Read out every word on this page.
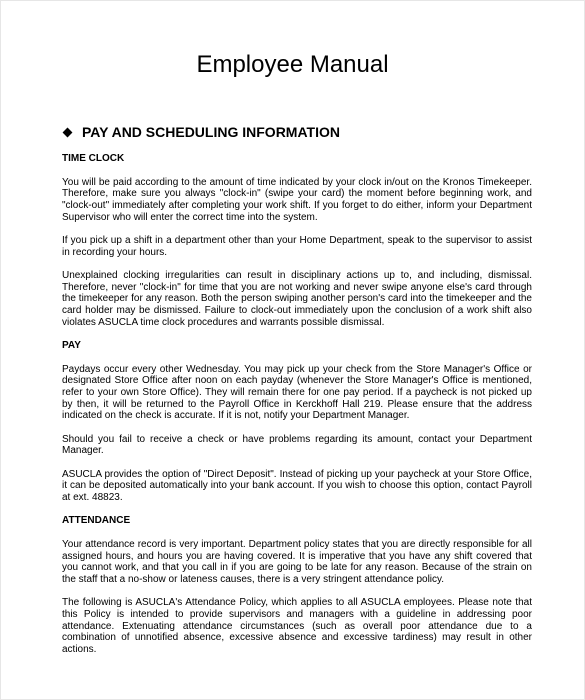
Employee Manual
PAY AND SCHEDULING INFORMATION
TIME CLOCK

You will be paid according to the amount of time indicated by your clock in/out on the Kronos Timekeeper. Therefore, make sure you always "clock-in" (swipe your card) the moment before beginning work, and "clock-out" immediately after completing your work shift. If you forget to do either, inform your Department Supervisor who will enter the correct time into the system.

If you pick up a shift in a department other than your Home Department, speak to the supervisor to assist in recording your hours.

Unexplained clocking irregularities can result in disciplinary actions up to, and including, dismissal. Therefore, never "clock-in" for time that you are not working and never swipe anyone else's card through the timekeeper for any reason. Both the person swiping another person's card into the timekeeper and the card holder may be dismissed. Failure to clock-out immediately upon the conclusion of a work shift also violates ASUCLA time clock procedures and warrants possible dismissal.

PAY

Paydays occur every other Wednesday. You may pick up your check from the Store Manager's Office or designated Store Office after noon on each payday (whenever the Store Manager's Office is mentioned, refer to your own Store Office). They will remain there for one pay period. If a paycheck is not picked up by then, it will be returned to the Payroll Office in Kerckhoff Hall 219. Please ensure that the address indicated on the check is accurate. If it is not, notify your Department Manager.

Should you fail to receive a check or have problems regarding its amount, contact your Department Manager.

ASUCLA provides the option of "Direct Deposit". Instead of picking up your paycheck at your Store Office, it can be deposited automatically into your bank account. If you wish to choose this option, contact Payroll at ext. 48823.

ATTENDANCE

Your attendance record is very important. Department policy states that you are directly responsible for all assigned hours, and hours you are having covered. It is imperative that you have any shift covered that you cannot work, and that you call in if you are going to be late for any reason. Because of the strain on the staff that a no-show or lateness causes, there is a very stringent attendance policy.

The following is ASUCLA's Attendance Policy, which applies to all ASUCLA employees. Please note that this Policy is intended to provide supervisors and managers with a guideline in addressing poor attendance. Extenuating attendance circumstances (such as overall poor attendance due to a combination of unnotified absence, excessive absence and excessive tardiness) may result in other actions.
